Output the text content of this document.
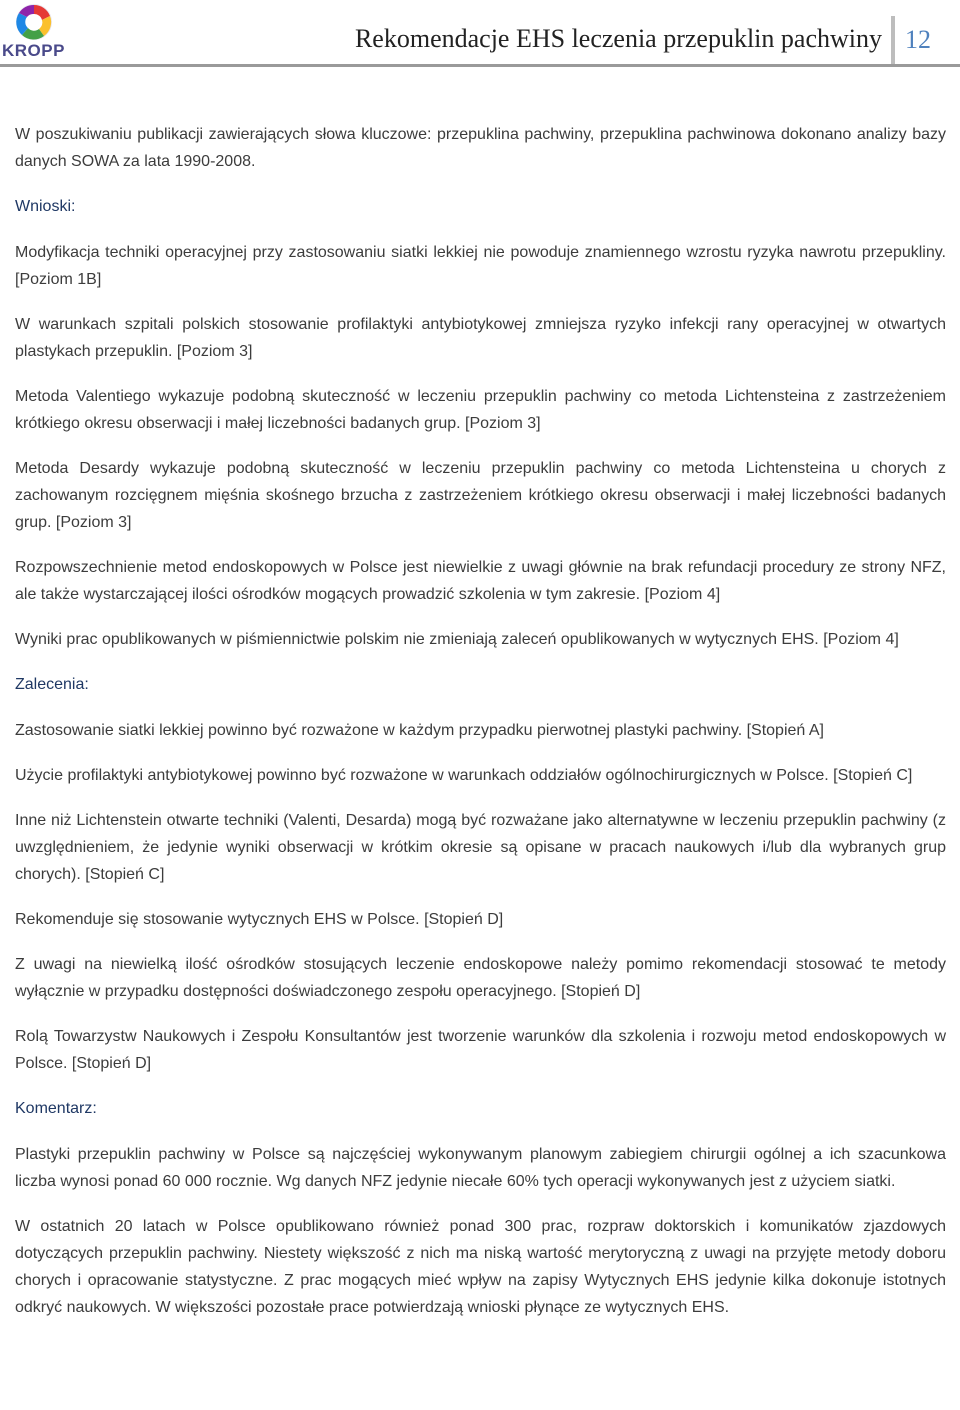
KROPP	Rekomendacje EHS leczenia przepuklin pachwiny 12

W poszukiwaniu publikacji zawierających słowa kluczowe: przepuklina pachwiny, przepuklina pachwinowa dokonano analizy bazy danych SOWA za lata 1990-2008.

Wnioski:

Modyfikacja techniki operacyjnej przy zastosowaniu siatki lekkiej nie powoduje znamiennego wzrostu ryzyka nawrotu przepukliny. [Poziom 1B]

W warunkach szpitali polskich stosowanie profilaktyki antybiotykowej zmniejsza ryzyko infekcji rany operacyjnej w otwartych plastykach przepuklin. [Poziom 3]

Metoda Valentiego wykazuje podobną skuteczność w leczeniu przepuklin pachwiny co metoda Lichtensteina z zastrzeżeniem krótkiego okresu obserwacji i małej liczebności badanych grup. [Poziom 3]

Metoda Desardy wykazuje podobną skuteczność w leczeniu przepuklin pachwiny co metoda Lichtensteina u chorych z zachowanym rozcięgnem mięśnia skośnego brzucha z zastrzeżeniem krótkiego okresu obserwacji i małej liczebności badanych grup. [Poziom 3]

Rozpowszechnienie metod endoskopowych w Polsce jest niewielkie z uwagi głównie na brak refundacji procedury ze strony NFZ, ale także wystarczającej ilości ośrodków mogących prowadzić szkolenia w tym zakresie. [Poziom 4]

Wyniki prac opublikowanych w piśmiennictwie polskim nie zmieniają zaleceń opublikowanych w wytycznych EHS. [Poziom 4]

Zalecenia:

Zastosowanie siatki lekkiej powinno być rozważone w każdym przypadku pierwotnej plastyki pachwiny. [Stopień A]

Użycie profilaktyki antybiotykowej powinno być rozważone w warunkach oddziałów ogólnochirurgicznych w Polsce. [Stopień C]

Inne niż Lichtenstein otwarte techniki (Valenti, Desarda) mogą być rozważane jako alternatywne w leczeniu przepuklin pachwiny (z uwzględnieniem, że jedynie wyniki obserwacji w krótkim okresie są opisane w pracach naukowych i/lub dla wybranych grup chorych). [Stopień C]

Rekomenduje się stosowanie wytycznych EHS w Polsce. [Stopień D]

Z uwagi na niewielką ilość ośrodków stosujących leczenie endoskopowe należy pomimo rekomendacji stosować te metody wyłącznie w przypadku dostępności doświadczonego zespołu operacyjnego. [Stopień D]

Rolą Towarzystw Naukowych i Zespołu Konsultantów jest tworzenie warunków dla szkolenia i rozwoju metod endoskopowych w Polsce. [Stopień D]

Komentarz:

Plastyki przepuklin pachwiny w Polsce są najczęściej wykonywanym planowym zabiegiem chirurgii ogólnej a ich szacunkowa liczba wynosi ponad 60 000 rocznie. Wg danych NFZ jedynie niecałe 60% tych operacji wykonywanych jest z użyciem siatki.

W ostatnich 20 latach w Polsce opublikowano również ponad 300 prac, rozpraw doktorskich i komunikatów zjazdowych dotyczących przepuklin pachwiny. Niestety większość z nich ma niską wartość merytoryczną z uwagi na przyjęte metody doboru chorych i opracowanie statystyczne. Z prac mogących mieć wpływ na zapisy Wytycznych EHS jedynie kilka dokonuje istotnych odkryć naukowych. W większości pozostałe prace potwierdzają wnioski płynące ze wytycznych EHS.
